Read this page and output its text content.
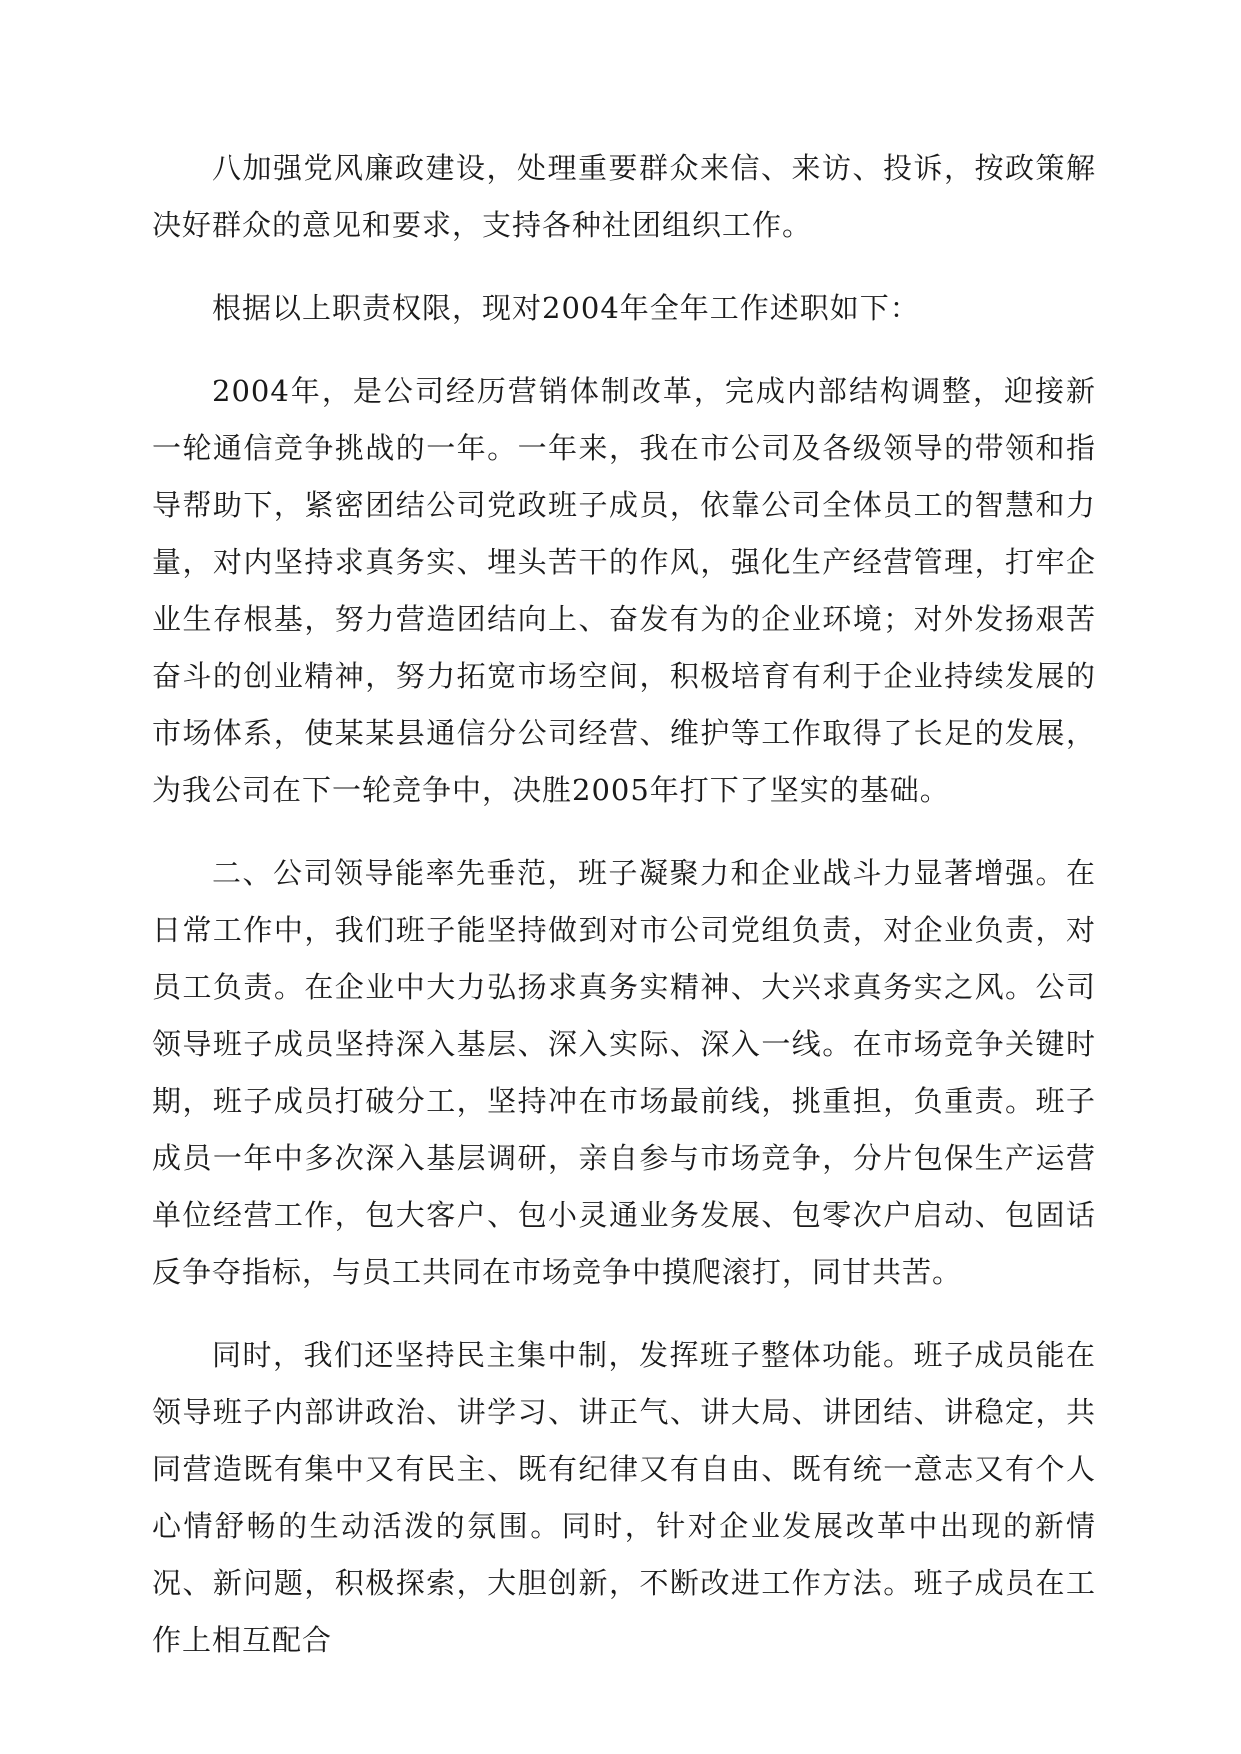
八加强党风廉政建设，处理重要群众来信、来访、投诉，按政策解决好群众的意见和要求，支持各种社团组织工作。

根据以上职责权限，现对2004年全年工作述职如下：

2004年，是公司经历营销体制改革，完成内部结构调整，迎接新一轮通信竞争挑战的一年。一年来，我在市公司及各级领导的带领和指导帮助下，紧密团结公司党政班子成员，依靠公司全体员工的智慧和力量，对内坚持求真务实、埋头苦干的作风，强化生产经营管理，打牢企业生存根基，努力营造团结向上、奋发有为的企业环境；对外发扬艰苦奋斗的创业精神，努力拓宽市场空间，积极培育有利于企业持续发展的市场体系，使某某县通信分公司经营、维护等工作取得了长足的发展，为我公司在下一轮竞争中，决胜2005年打下了坚实的基础。

二、公司领导能率先垂范，班子凝聚力和企业战斗力显著增强。在日常工作中，我们班子能坚持做到对市公司党组负责，对企业负责，对员工负责。在企业中大力弘扬求真务实精神、大兴求真务实之风。公司领导班子成员坚持深入基层、深入实际、深入一线。在市场竞争关键时期，班子成员打破分工，坚持冲在市场最前线，挑重担，负重责。班子成员一年中多次深入基层调研，亲自参与市场竞争，分片包保生产运营单位经营工作，包大客户、包小灵通业务发展、包零次户启动、包固话反争夺指标，与员工共同在市场竞争中摸爬滚打，同甘共苦。

同时，我们还坚持民主集中制，发挥班子整体功能。班子成员能在领导班子内部讲政治、讲学习、讲正气、讲大局、讲团结、讲稳定，共同营造既有集中又有民主、既有纪律又有自由、既有统一意志又有个人心情舒畅的生动活泼的氛围。同时，针对企业发展改革中出现的新情况、新问题，积极探索，大胆创新，不断改进工作方法。班子成员在工作上相互配合
